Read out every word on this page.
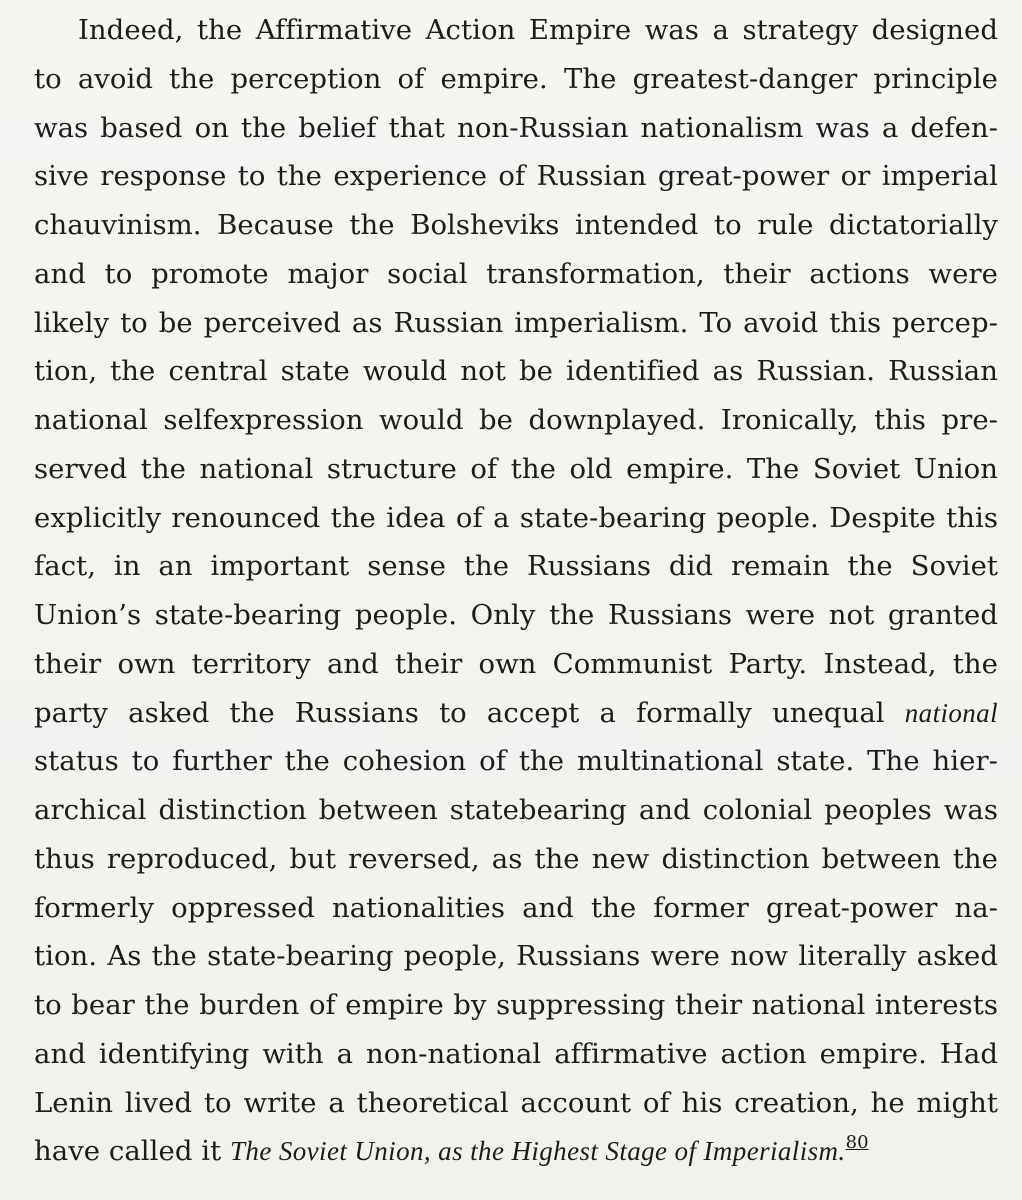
Indeed, the Affirmative Action Empire was a strategy designed
to avoid the perception of empire. The greatest-danger principle
was based on the belief that non-Russian nationalism was a defen-
sive response to the experience of Russian great-power or imperial
chauvinism. Because the Bolsheviks intended to rule dictatorially
and to promote major social transformation, their actions were
likely to be perceived as Russian imperialism. To avoid this percep-
tion, the central state would not be identified as Russian. Russian
national selfexpression would be downplayed. Ironically, this pre-
served the national structure of the old empire. The Soviet Union
explicitly renounced the idea of a state-bearing people. Despite this
fact, in an important sense the Russians did remain the Soviet
Union’s state-bearing people. Only the Russians were not granted
their own territory and their own Communist Party. Instead, the
party asked the Russians to accept a formally unequal national
status to further the cohesion of the multinational state. The hier-
archical distinction between statebearing and colonial peoples was
thus reproduced, but reversed, as the new distinction between the
formerly oppressed nationalities and the former great-power na-
tion. As the state-bearing people, Russians were now literally asked
to bear the burden of empire by suppressing their national interests
and identifying with a non-national affirmative action empire. Had
Lenin lived to write a theoretical account of his creation, he might
have called it The Soviet Union, as the Highest Stage of Imperialism.$^{80}$
